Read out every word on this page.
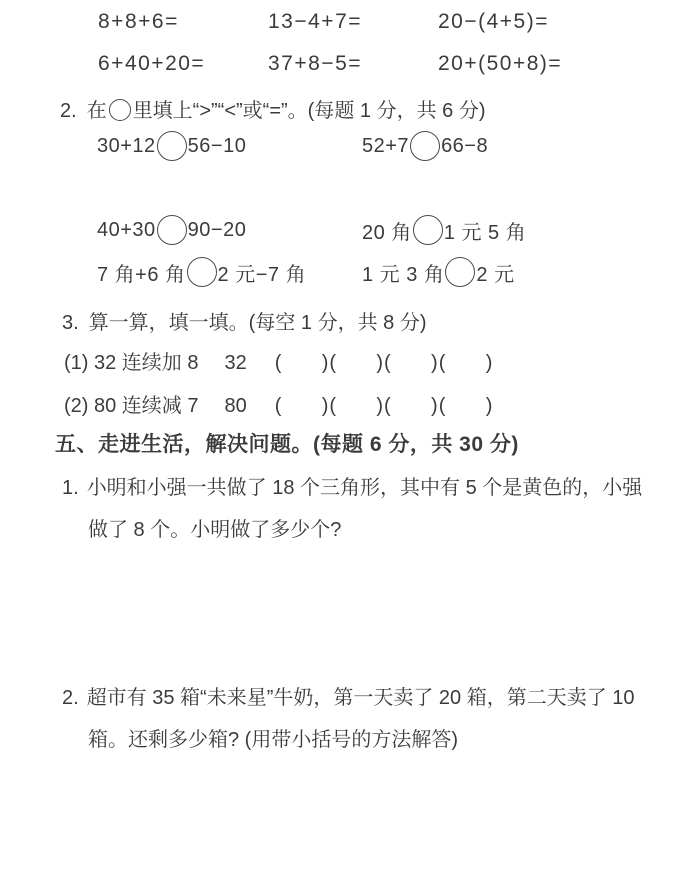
8+8+6=	13−4+7=	20−(4+5)=
6+40+20=	37+8−5=	20+(50+8)=
2. 在 里填上“>”“<”或“=”。(每题 1 分，共 6 分)
30+12 56−10	52+7 66−8
40+30 90−20	20 角 1 元 5 角
7 角+6 角 2 元−7 角	1 元 3 角 2 元
3. 算一算，填一填。(每空 1 分，共 8 分)
(1) 32 连续加 8 32 (      )(      )(      )(      )
(2) 80 连续减 7 80 (      )(      )(      )(      )
五、走进生活，解决问题。(每题 6 分，共 30 分)
1. 小明和小强一共做了 18 个三角形，其中有 5 个是黄色的，小强
做了 8 个。小明做了多少个?
2. 超市有 35 箱“未来星”牛奶，第一天卖了 20 箱，第二天卖了 10
箱。还剩多少箱? (用带小括号的方法解答)
